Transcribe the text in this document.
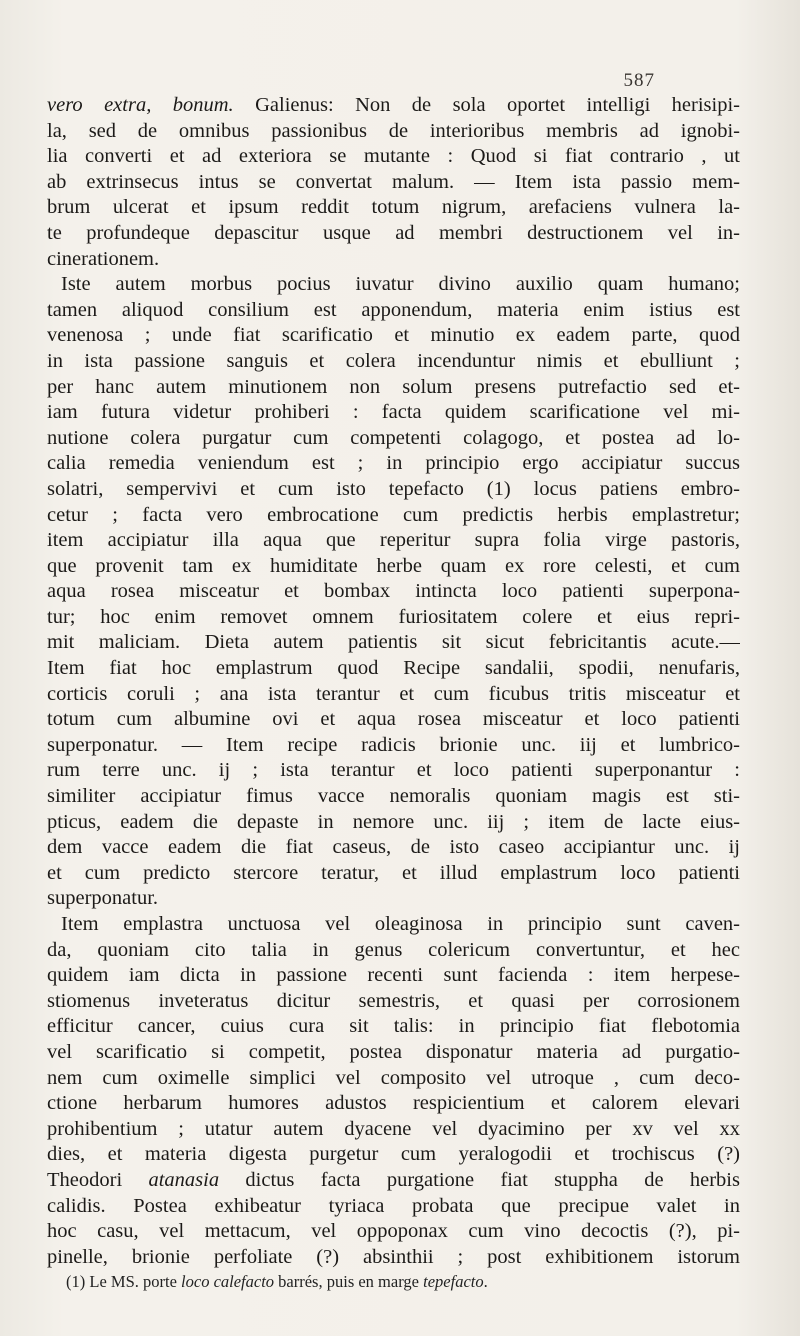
587
vero extra, bonum. Galienus: Non de sola oportet intelligi herisipi-
la, sed de omnibus passionibus de interioribus membris ad ignobi-
lia converti et ad exteriora se mutante : Quod si fiat contrario , ut
ab extrinsecus intus se convertat malum. — Item ista passio mem-
brum ulcerat et ipsum reddit totum nigrum, arefaciens vulnera la-
te profundeque depascitur usque ad membri destructionem vel in-
cinerationem.
Iste autem morbus pocius iuvatur divino auxilio quam humano;
tamen aliquod consilium est apponendum, materia enim istius est
venenosa ; unde fiat scarificatio et minutio ex eadem parte, quod
in ista passione sanguis et colera incenduntur nimis et ebulliunt ;
per hanc autem minutionem non solum presens putrefactio sed et-
iam futura videtur prohiberi : facta quidem scarificatione vel mi-
nutione colera purgatur cum competenti colagogo, et postea ad lo-
calia remedia veniendum est ; in principio ergo accipiatur succus
solatri, sempervivi et cum isto tepefacto (1) locus patiens embro-
cetur ; facta vero embrocatione cum predictis herbis emplastretur;
item accipiatur illa aqua que reperitur supra folia virge pastoris,
que provenit tam ex humiditate herbe quam ex rore celesti, et cum
aqua rosea misceatur et bombax intincta loco patienti superpona-
tur; hoc enim removet omnem furiositatem colere et eius repri-
mit maliciam. Dieta autem patientis sit sicut febricitantis acute.—
Item fiat hoc emplastrum quod Recipe sandalii, spodii, nenufaris,
corticis coruli ; ana ista terantur et cum ficubus tritis misceatur et
totum cum albumine ovi et aqua rosea misceatur et loco patienti
superponatur. — Item recipe radicis brionie unc. iij et lumbrico-
rum terre unc. ij ; ista terantur et loco patienti superponantur :
similiter accipiatur fimus vacce nemoralis quoniam magis est sti-
pticus, eadem die depaste in nemore unc. iij ; item de lacte eius-
dem vacce eadem die fiat caseus, de isto caseo accipiantur unc. ij
et cum predicto stercore teratur, et illud emplastrum loco patienti
superponatur.
Item emplastra unctuosa vel oleaginosa in principio sunt caven-
da, quoniam cito talia in genus colericum convertuntur, et hec
quidem iam dicta in passione recenti sunt facienda : item herpese-
stiomenus inveteratus dicitur semestris, et quasi per corrosionem
efficitur cancer, cuius cura sit talis: in principio fiat flebotomia
vel scarificatio si competit, postea disponatur materia ad purgatio-
nem cum oximelle simplici vel composito vel utroque , cum deco-
ctione herbarum humores adustos respicientium et calorem elevari
prohibentium ; utatur autem dyacene vel dyacimino per xv vel xx
dies, et materia digesta purgetur cum yeralogodii et trochiscus (?)
Theodori atanasia dictus facta purgatione fiat stuppha de herbis
calidis. Postea exhibeatur tyriaca probata que precipue valet in
hoc casu, vel mettacum, vel oppoponax cum vino decoctis (?), pi-
pinelle, brionie perfoliate (?) absinthii ; post exhibitionem istorum
(1) Le MS. porte loco calefacto barrés, puis en marge tepefacto.
